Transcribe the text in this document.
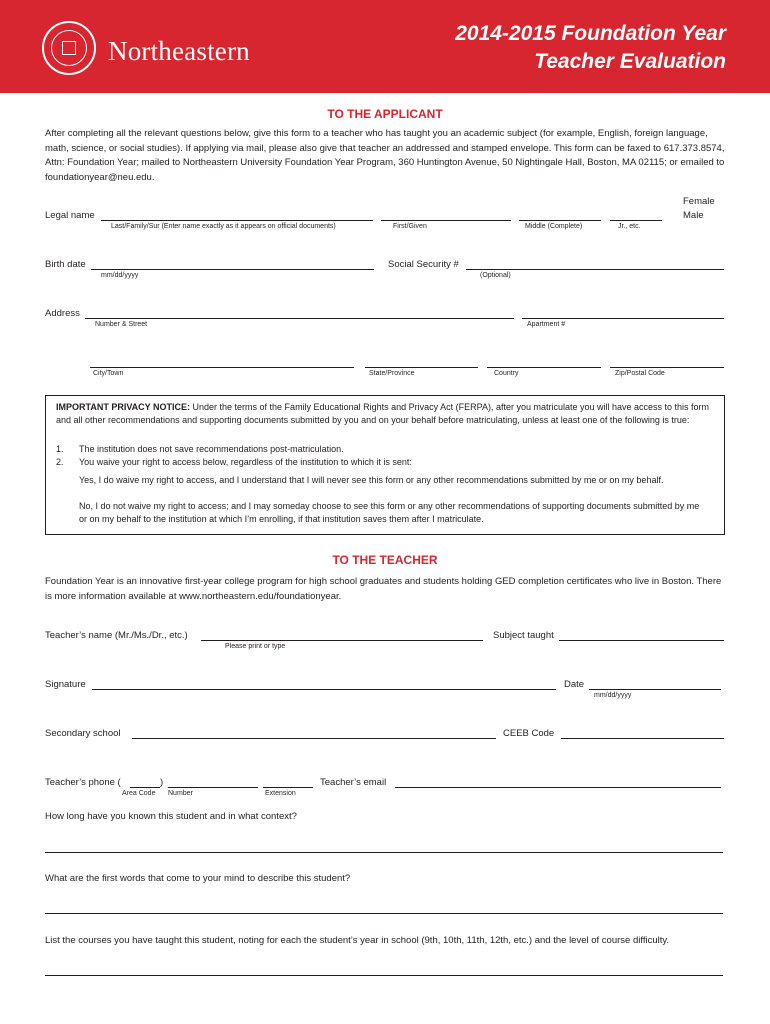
Northeastern
2014-2015 Foundation Year
Teacher Evaluation
TO THE APPLICANT
After completing all the relevant questions below, give this form to a teacher who has taught you an academic subject (for example, English, foreign language, math, science, or social studies). If applying via mail, please also give that teacher an addressed and stamped envelope. This form can be faxed to 617.373.8574, Attn: Foundation Year; mailed to Northeastern University Foundation Year Program, 360 Huntington Avenue, 50 Nightingale Hall, Boston, MA 02115; or emailed to foundationyear@neu.edu.
Female
Male
Legal name
Last/Family/Sur (Enter name exactly as it appears on official documents)	First/Given	Middle (Complete)	Jr., etc.
Birth date
mm/dd/yyyy
Social Security #
(Optional)
Address
Number & Street	Apartment #
City/Town	State/Province	Country	Zip/Postal Code
IMPORTANT PRIVACY NOTICE: Under the terms of the Family Educational Rights and Privacy Act (FERPA), after you matriculate you will have access to this form and all other recommendations and supporting documents submitted by you and on your behalf before matriculating, unless at least one of the following is true:
1. The institution does not save recommendations post-matriculation.
2. You waive your right to access below, regardless of the institution to which it is sent:
Yes, I do waive my right to access, and I understand that I will never see this form or any other recommendations submitted by me or on my behalf.
No, I do not waive my right to access; and I may someday choose to see this form or any other recommendations of supporting documents submitted by me or on my behalf to the institution at which I’m enrolling, if that institution saves them after I matriculate.
TO THE TEACHER
Foundation Year is an innovative first-year college program for high school graduates and students holding GED completion certificates who live in Boston. There is more information available at www.northeastern.edu/foundationyear.
Teacher’s name (Mr./Ms./Dr., etc.)
Please print or type
Subject taught
Signature	Date
mm/dd/yyyy
Secondary school	CEEB Code
Teacher’s phone (	)
Area Code Number	Extension
Teacher’s email
How long have you known this student and in what context?
What are the first words that come to your mind to describe this student?
List the courses you have taught this student, noting for each the student’s year in school (9th, 10th, 11th, 12th, etc.) and the level of course difficulty.
